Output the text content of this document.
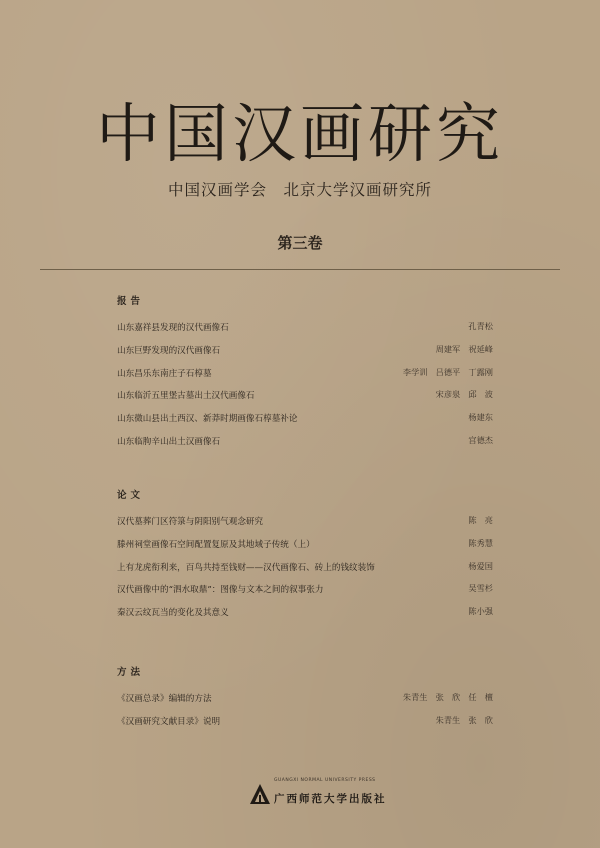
中国汉画研究
中国汉画学会　北京大学汉画研究所
第三卷
报告
山东嘉祥县发现的汉代画像石	孔青松
山东巨野发现的汉代画像石	周建军　祝延峰
山东昌乐东南庄子石椁墓	李学训　吕德平　丁露刚
山东临沂五里堡古墓出土汉代画像石	宋彦泉　邱　波
山东微山县出土西汉、新莽时期画像石椁墓补论	杨建东
山东临朐辛山出土汉画像石	宫德杰
论文
汉代墓葬门区符箓与阴阳别气观念研究	陈　亮
滕州祠堂画像石空间配置复原及其地域子传统（上）	陈秀慧
上有龙虎衔利来，百鸟共持至钱财——汉代画像石、砖上的钱纹装饰	杨爱国
汉代画像中的“泗水取鼎”：图像与文本之间的叙事张力	吴雪杉
秦汉云纹瓦当的变化及其意义	陈小强
方法
《汉画总录》编辑的方法	朱青生　张　欣　任　檀
《汉画研究文献目录》说明	朱青生　张　欣
GUANGXI NORMAL UNIVERSITY PRESS
广西师范大学出版社
